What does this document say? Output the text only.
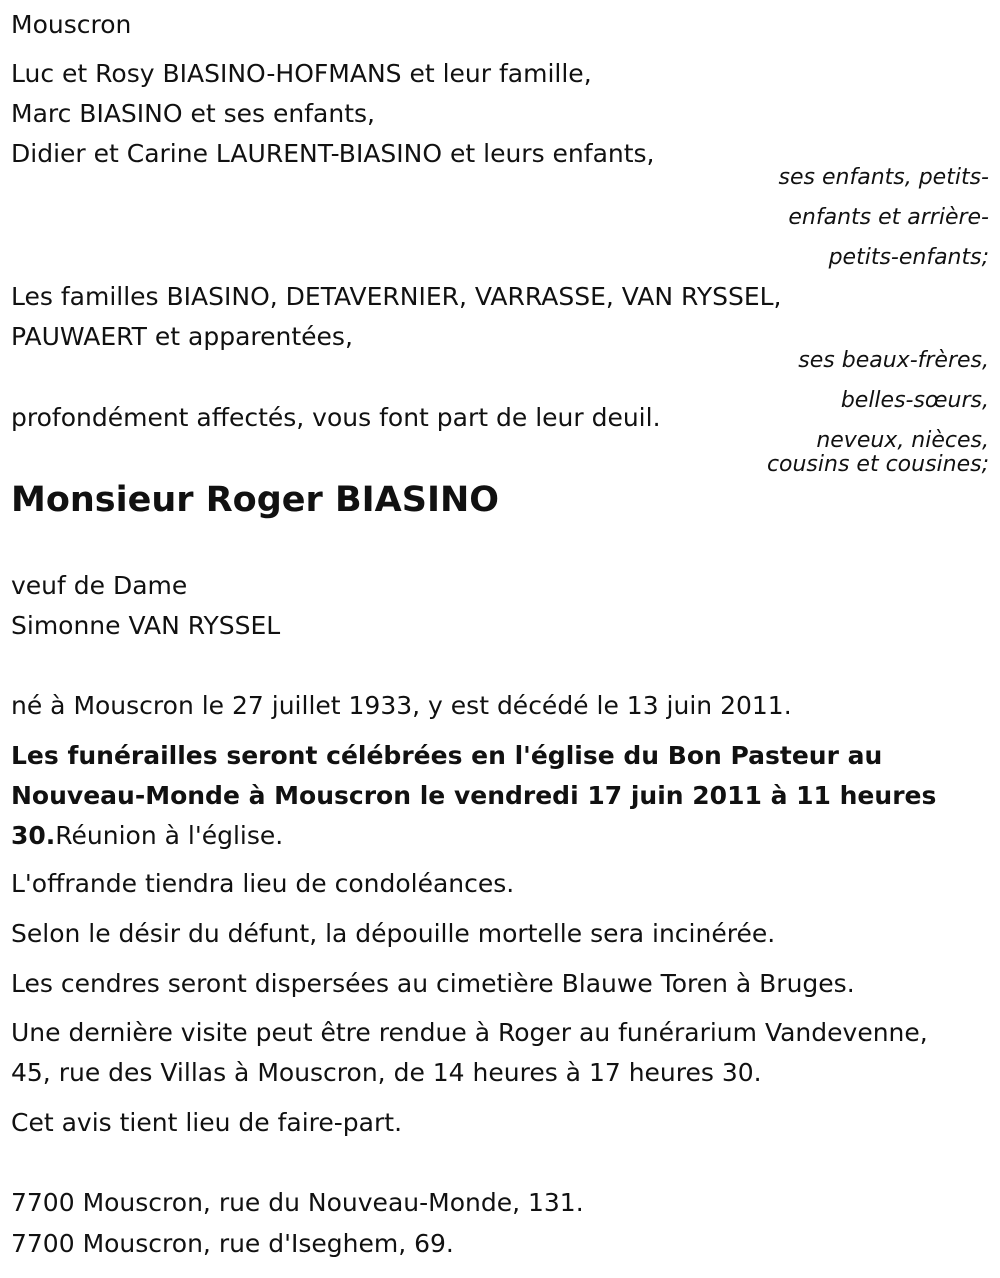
Mouscron

Luc et Rosy BIASINO-HOFMANS et leur famille,

Marc BIASINO et ses enfants,

Didier et Carine LAURENT-BIASINO et leurs enfants,

ses enfants, petits-

enfants et arrière-

petits-enfants;

Les familles BIASINO, DETAVERNIER, VARRASSE, VAN RYSSEL,

PAUWAERT et apparentées,

ses beaux-frères,

belles-sœurs,

neveux, nièces,

cousins et cousines;

profondément affectés, vous font part de leur deuil.

Monsieur Roger BIASINO

veuf de Dame

Simonne VAN RYSSEL

né à Mouscron le 27 juillet 1933, y est décédé le 13 juin 2011.

Les funérailles seront célébrées en l'église du Bon Pasteur au

Nouveau-Monde à Mouscron le vendredi 17 juin 2011 à 11 heures

30.Réunion à l'église.

L'offrande tiendra lieu de condoléances.

Selon le désir du défunt, la dépouille mortelle sera incinérée.

Les cendres seront dispersées au cimetière Blauwe Toren à Bruges.

Une dernière visite peut être rendue à Roger au funérarium Vandevenne,

45, rue des Villas à Mouscron, de 14 heures à 17 heures 30.

Cet avis tient lieu de faire-part.

7700 Mouscron, rue du Nouveau-Monde, 131.

7700 Mouscron, rue d'Iseghem, 69.
